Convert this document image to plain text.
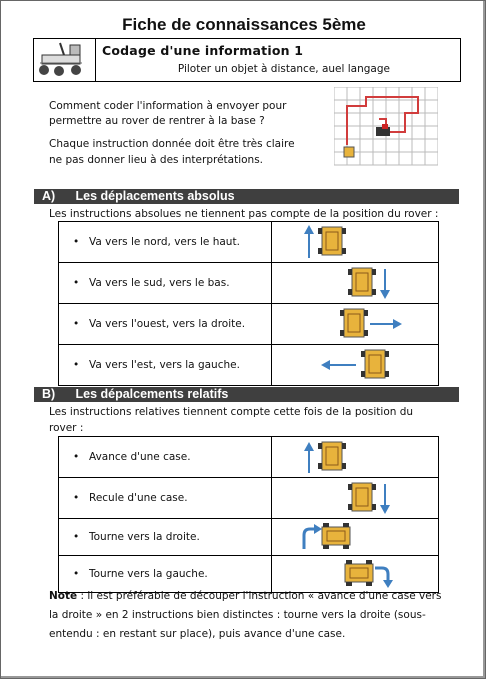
Fiche de connaissances 5ème
Codage d'une information 1
Piloter un objet à distance, auel langage
Comment coder l'information à envoyer pour
permettre au rover de rentrer à la base ?
Chaque instruction donnée doit être très claire
ne pas donner lieu à des interprétations.
A) Les déplacements absolus
Les instructions absolues ne tiennent pas compte de la position du rover :
• Va vers le nord, vers le haut.	

• Va vers le sud, vers le bas.	

• Va vers l'ouest, vers la droite.	

• Va vers l'est, vers la gauche.	
B) Les dépalcements relatifs
Les instructions relatives tiennent compte cette fois de la position du
rover :
• Avance d'une case.	

• Recule d'une case.	

• Tourne vers la droite.	

• Tourne vers la gauche.	
Note : il est préférable de découper l'instruction « avance d'une case vers
la droite » en 2 instructions bien distinctes : tourne vers la droite (sous-
entendu : en restant sur place), puis avance d'une case.
